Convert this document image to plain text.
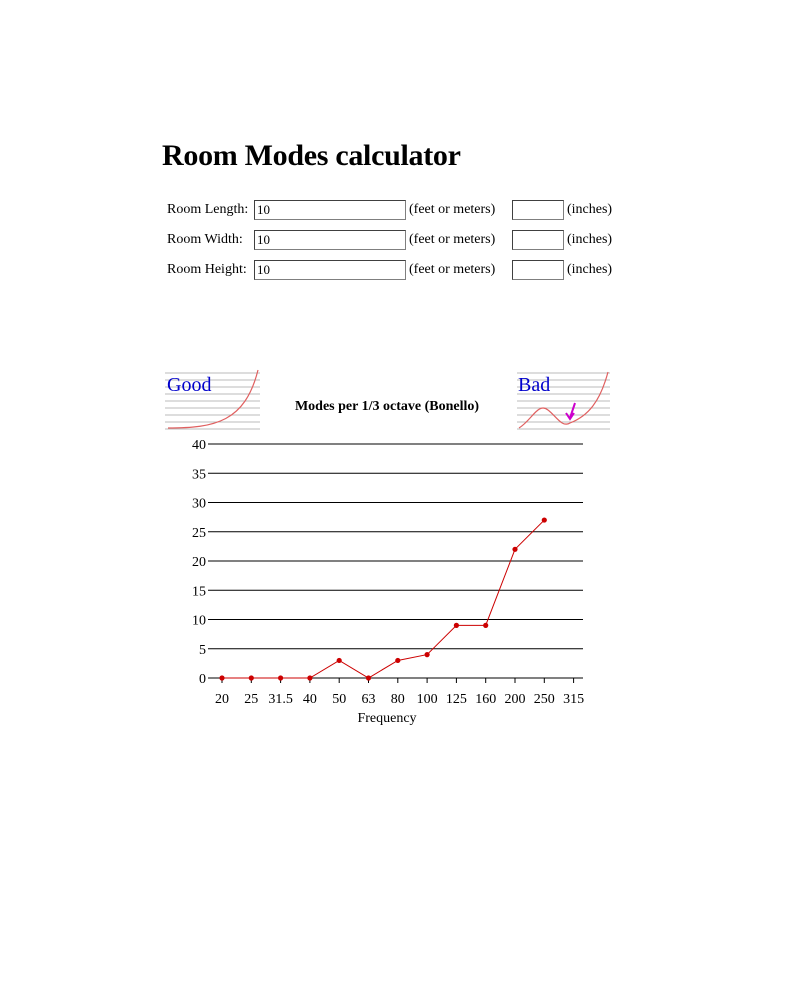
Room Modes calculator
Room Length:
10	(feet or meters)	(inches)
Room Width:
10	(feet or meters)	(inches)
Room Height:
10	(feet or meters)	(inches)
Good	Bad
Modes per 1/3 octave (Bonello)
0
5
10
15
20
25
30
35
40
20 25 31.5 40 50 63 80 100 125 160 200 250 315
Frequency
